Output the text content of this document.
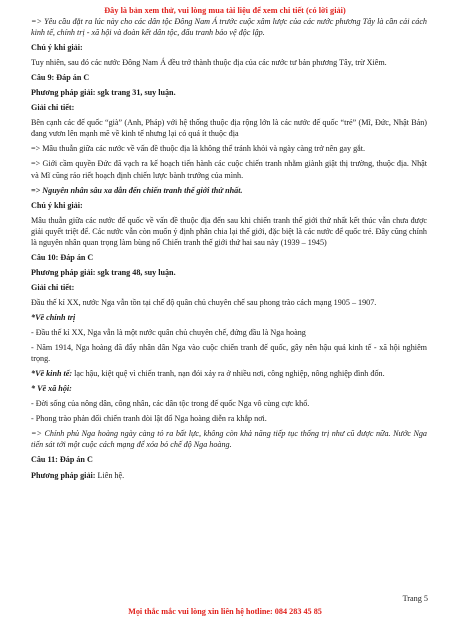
Đây là bản xem thử, vui lòng mua tài liệu để xem chi tiết (có lời giải)

=> Yêu cầu đặt ra lúc này cho các dân tộc Đông Nam Á trước cuộc xâm lược của các nước phương Tây là cần cải cách kinh tế, chính trị - xã hội và đoàn kết dân tộc, đấu tranh bảo vệ độc lập.

Chú ý khi giải:

Tuy nhiên, sau đó các nước Đông Nam Á đều trở thành thuộc địa của các nước tư bản phương Tây, trừ Xiêm.

Câu 9: Đáp án C

Phương pháp giải: sgk trang 31, suy luận.

Giải chi tiết:

Bên cạnh các đế quốc “già” (Anh, Pháp) với hệ thống thuộc địa rộng lớn là các nước đế quốc “trẻ” (Mĩ, Đức, Nhật Bản) đang vươn lên mạnh mẽ về kinh tế nhưng lại có quá ít thuộc địa

=> Mâu thuẫn giữa các nước về vấn đề thuộc địa là không thể tránh khỏi và ngày càng trở nên gay gắt.

=> Giới cầm quyền Đức đã vạch ra kế hoạch tiến hành các cuộc chiến tranh nhằm giành giật thị trường, thuộc địa. Nhật và Mĩ cũng ráo riết hoạch định chiến lược bành trướng của mình.

=> Nguyên nhân sâu xa dẫn đến chiến tranh thế giới thứ nhất.

Chú ý khi giải:

Mâu thuẫn giữa các nước đế quốc về vấn đề thuộc địa đến sau khi chiến tranh thế giới thứ nhất kết thúc vẫn chưa được giải quyết triệt để. Các nước vẫn còn muốn ý định phân chia lại thế giới, đặc biệt là các nước để quốc trẻ. Đây cũng chính là nguyên nhân quan trọng làm bùng nổ Chiến tranh thế giới thứ hai sau này (1939 – 1945)

Câu 10: Đáp án C

Phương pháp giải: sgk trang 48, suy luận.

Giải chi tiết:

Đầu thế kỉ XX, nước Nga vẫn tồn tại chế độ quân chủ chuyên chế sau phong trào cách mạng 1905 – 1907.

*Về chính trị

- Đầu thế kỉ XX, Nga vẫn là một nước quân chủ chuyên chế, đứng đầu là Nga hoàng

- Năm 1914, Nga hoàng đã đẩy nhân dân Nga vào cuộc chiến tranh đế quốc, gây nên hậu quả kinh tế - xã hội nghiêm trọng.

*Về kinh tế: lạc hậu, kiệt quệ vì chiến tranh, nạn đói xảy ra ở nhiều nơi, công nghiệp, nông nghiệp đình đốn.

* Về xã hội:

- Đời sống của nông dân, công nhân, các dân tộc trong đế quốc Nga vô cùng cực khổ.

- Phong trào phản đối chiến tranh đòi lật đổ Nga hoàng diễn ra khắp nơi.

=> Chính phủ Nga hoàng ngày càng tỏ ra bất lực, không còn khả năng tiếp tục thống trị như cũ được nữa. Nước Nga tiến sát tới một cuộc cách mạng để xóa bỏ chế độ Nga hoàng.

Câu 11: Đáp án C

Phương pháp giải: Liên hệ.

Trang 5
Mọi thắc mắc vui lòng xin liên hệ hotline: 084 283 45 85
